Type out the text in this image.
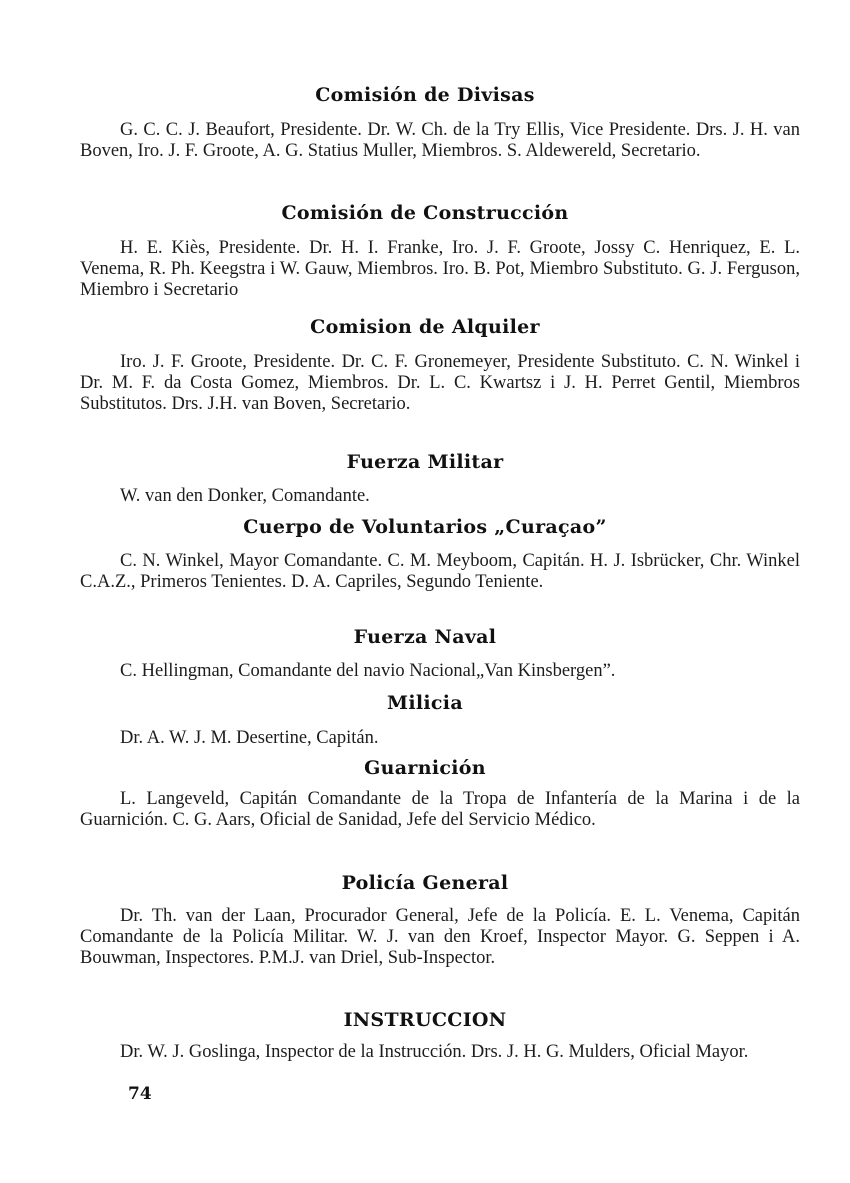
Comisión de Divisas
G. C. C. J. Beaufort, Presidente. Dr. W. Ch. de la Try Ellis, Vice Presidente. Drs. J. H. van Boven, Iro. J. F. Groote, A. G. Statius Muller, Miembros. S. Aldewereld, Secretario.
Comisión de Construcción
H. E. Kiès, Presidente. Dr. H. I. Franke, Iro. J. F. Groote, Jossy C. Henriquez, E. L. Venema, R. Ph. Keegstra i W. Gauw, Miembros. Iro. B. Pot, Miembro Substituto. G. J. Ferguson, Miembro i Secretario
Comision de Alquiler
Iro. J. F. Groote, Presidente. Dr. C. F. Gronemeyer, Presidente Substituto. C. N. Winkel i Dr. M. F. da Costa Gomez, Miembros. Dr. L. C. Kwartsz i J. H. Perret Gentil, Miembros Substitutos. Drs. J.H. van Boven, Secretario.
Fuerza Militar
W. van den Donker, Comandante.
Cuerpo de Voluntarios „Curaçao”
C. N. Winkel, Mayor Comandante. C. M. Meyboom, Capitán. H. J. Isbrücker, Chr. Winkel C.A.Z., Primeros Tenientes. D. A. Capriles, Segundo Teniente.
Fuerza Naval
C. Hellingman, Comandante del navio Nacional„Van Kinsbergen”.
Milicia
Dr. A. W. J. M. Desertine, Capitán.
Guarnición
L. Langeveld, Capitán Comandante de la Tropa de Infantería de la Marina i de la Guarnición. C. G. Aars, Oficial de Sanidad, Jefe del Servicio Médico.
Policía General
Dr. Th. van der Laan, Procurador General, Jefe de la Policía. E. L. Venema, Capitán Comandante de la Policía Militar. W. J. van den Kroef, Inspector Mayor. G. Seppen i A. Bouwman, Inspectores. P.M.J. van Driel, Sub-Inspector.
INSTRUCCION
Dr. W. J. Goslinga, Inspector de la Instrucción. Drs. J. H. G. Mulders, Oficial Mayor.
74
